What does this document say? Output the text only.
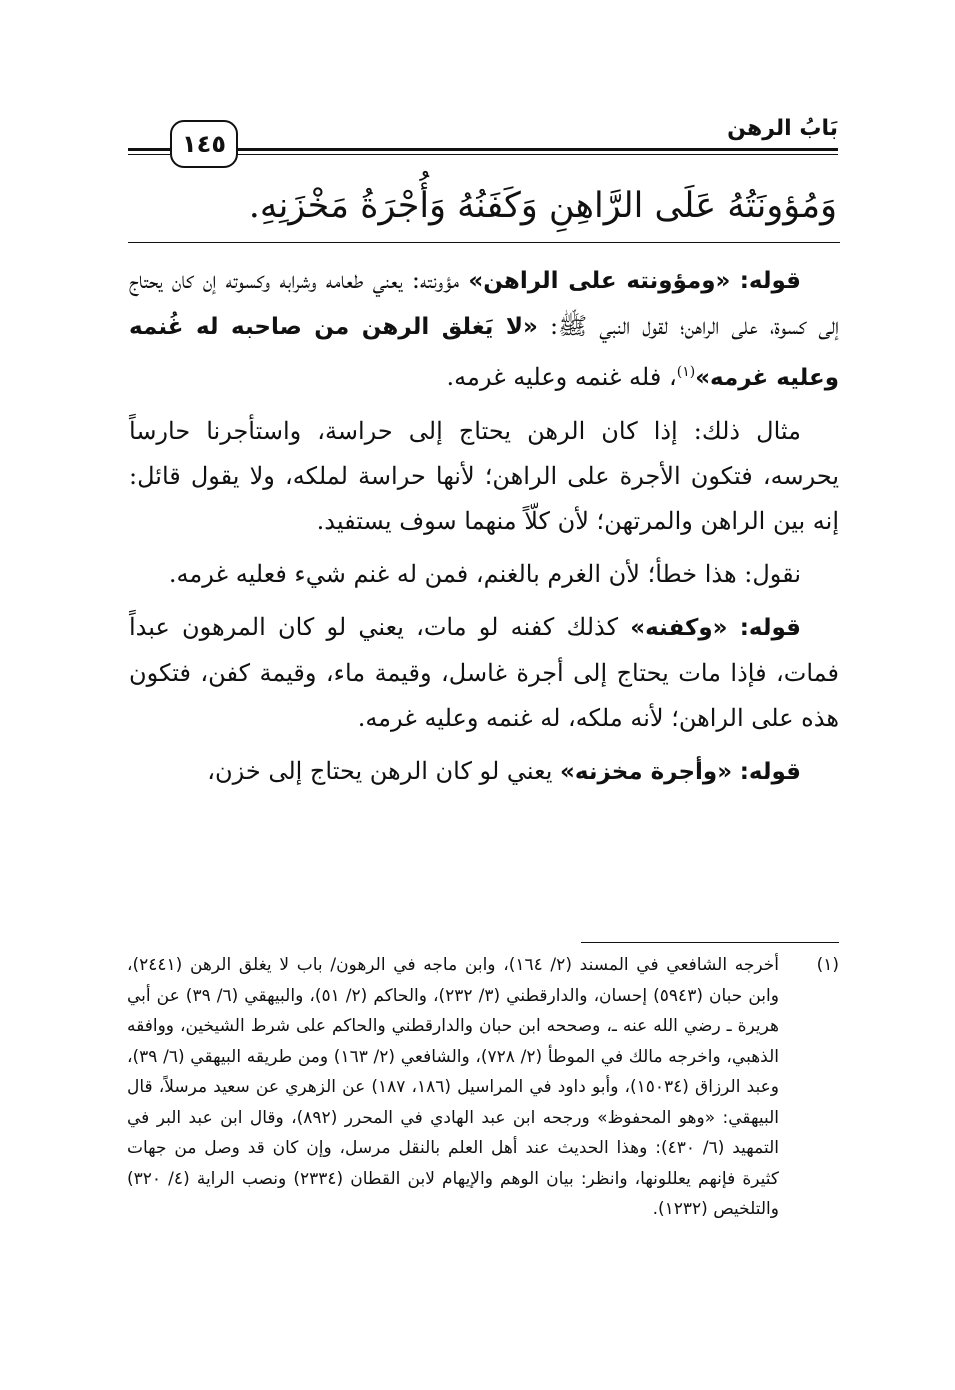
بَابُ الرهن
١٤٥
وَمُؤونَتُهُ عَلَى الرَّاهِنِ وَكَفَنُهُ وَأُجْرَةُ مَخْزَنِهِ.

قوله: «ومؤونته على الراهن» مؤونته: يعني طعامه وشرابه وكسوته إن كان يحتاج إلى كسوة، على الراهن؛ لقول النبي ﷺ: «لا يَغلق الرهن من صاحبه له غُنمه وعليه غرمه»$^{(١)}$، فله غنمه وعليه غرمه.

مثال ذلك: إذا كان الرهن يحتاج إلى حراسة، واستأجرنا حارساً يحرسه، فتكون الأجرة على الراهن؛ لأنها حراسة لملكه، ولا يقول قائل: إنه بين الراهن والمرتهن؛ لأن كلّاً منهما سوف يستفيد.

نقول: هذا خطأ؛ لأن الغرم بالغنم، فمن له غنم شيء فعليه غرمه.

قوله: «وكفنه» كذلك كفنه لو مات، يعني لو كان المرهون عبداً فمات، فإذا مات يحتاج إلى أجرة غاسل، وقيمة ماء، وقيمة كفن، فتكون هذه على الراهن؛ لأنه ملكه، له غنمه وعليه غرمه.

قوله: «وأجرة مخزنه» يعني لو كان الرهن يحتاج إلى خزن،

(١)
أخرجه الشافعي في المسند (٢/ ١٦٤)، وابن ماجه في الرهون/ باب لا يغلق الرهن (٢٤٤١)، وابن حبان (٥٩٤٣) إحسان، والدارقطني (٣/ ٢٣٢)، والحاكم (٢/ ٥١)، والبيهقي (٦/ ٣٩) عن أبي هريرة ـ رضي الله عنه ـ، وصححه ابن حبان والدارقطني والحاكم على شرط الشيخين، ووافقه الذهبي، واخرجه مالك في الموطأ (٢/ ٧٢٨)، والشافعي (٢/ ١٦٣) ومن طريقه البيهقي (٦/ ٣٩)، وعبد الرزاق (١٥٠٣٤)، وأبو داود في المراسيل (١٨٦، ١٨٧) عن الزهري عن سعيد مرسلاً، قال البيهقي: «وهو المحفوظ» ورجحه ابن عبد الهادي في المحرر (٨٩٢)، وقال ابن عبد البر في التمهيد (٦/ ٤٣٠): وهذا الحديث عند أهل العلم بالنقل مرسل، وإن كان قد وصل من جهات كثيرة فإنهم يعللونها، وانظر: بيان الوهم والإيهام لابن القطان (٢٣٣٤) ونصب الراية (٤/ ٣٢٠) والتلخيص (١٢٣٢).
